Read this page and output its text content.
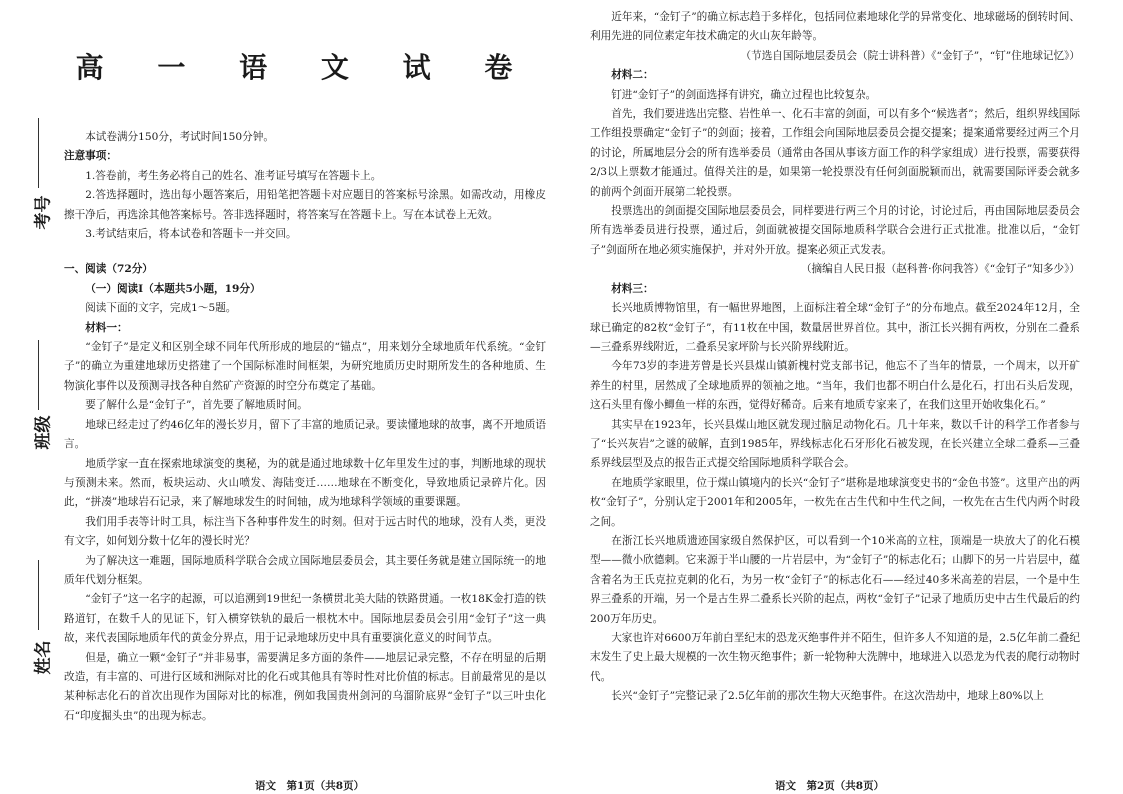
考号
班级
姓名
高 一 语 文 试 卷

本试卷满分150分，考试时间150分钟。

注意事项：

1.答卷前，考生务必将自己的姓名、准考证号填写在答题卡上。

2.答选择题时，选出每小题答案后，用铅笔把答题卡对应题目的答案标号涂黑。如需改动，用橡皮擦干净后，再选涂其他答案标号。答非选择题时，将答案写在答题卡上。写在本试卷上无效。

3.考试结束后，将本试卷和答题卡一并交回。

一、阅读（72分）

（一）阅读Ⅰ（本题共5小题，19分）

阅读下面的文字，完成1～5题。

材料一：

“金钉子”是定义和区别全球不同年代所形成的地层的“锚点”，用来划分全球地质年代系统。“金钉子”的确立为重建地球历史搭建了一个国际标准时间框架，为研究地质历史时期所发生的各种地质、生物演化事件以及预测寻找各种自然矿产资源的时空分布奠定了基础。

要了解什么是“金钉子”，首先要了解地质时间。

地球已经走过了约46亿年的漫长岁月，留下了丰富的地质记录。要读懂地球的故事，离不开地质语言。

地质学家一直在探索地球演变的奥秘，为的就是通过地球数十亿年里发生过的事，判断地球的现状与预测未来。然而，板块运动、火山喷发、海陆变迁……地球在不断变化，导致地质记录碎片化。因此，“拼凑”地球岩石记录，来了解地球发生的时间轴，成为地球科学领域的重要课题。

我们用手表等计时工具，标注当下各种事件发生的时刻。但对于远古时代的地球，没有人类，更没有文字，如何划分数十亿年的漫长时光？

为了解决这一难题，国际地质科学联合会成立国际地层委员会，其主要任务就是建立国际统一的地质年代划分框架。

“金钉子”这一名字的起源，可以追溯到19世纪一条横贯北美大陆的铁路贯通。一枚18K金打造的铁路道钉，在数千人的见证下，钉入横穿铁轨的最后一根枕木中。国际地层委员会引用“金钉子”这一典故，来代表国际地质年代的黄金分界点，用于记录地球历史中具有重要演化意义的时间节点。

但是，确立一颗“金钉子”并非易事，需要满足多方面的条件——地层记录完整，不存在明显的后期改造，有丰富的、可进行区域和洲际对比的化石或其他具有等时性对比价值的标志。目前最常见的是以某种标志化石的首次出现作为国际对比的标准，例如我国贵州剑河的乌溜阶底界“金钉子”以三叶虫化石“印度掘头虫”的出现为标志。

近年来，“金钉子”的确立标志趋于多样化，包括同位素地球化学的异常变化、地球磁场的倒转时间、利用先进的同位素定年技术确定的火山灰年龄等。

（节选自国际地层委员会（院士讲科普）《“金钉子”，“钉”住地球记忆》）

材料二：

钉进“金钉子”的剑面选择有讲究，确立过程也比较复杂。

首先，我们要进选出完整、岩性单一、化石丰富的剑面，可以有多个“候选者”；然后，组织界线国际工作组投票确定“金钉子”的剑面；接着，工作组会向国际地层委员会提交提案；提案通常要经过两三个月的讨论，所属地层分会的所有选举委员（通常由各国从事该方面工作的科学家组成）进行投票，需要获得2/3以上票数才能通过。值得关注的是，如果第一轮投票没有任何剑面脱颖而出，就需要国际评委会就多的前两个剑面开展第二轮投票。

投票选出的剑面提交国际地层委员会，同样要进行两三个月的讨论，讨论过后，再由国际地层委员会所有选举委员进行投票，通过后，剑面就被提交国际地质科学联合会进行正式批准。批准以后，“金钉子”剑面所在地必须实施保护，并对外开放。提案必须正式发表。

（摘编自人民日报（赵科普·你问我答）《“金钉子”知多少》）

材料三：

长兴地质博物馆里，有一幅世界地图，上面标注着全球“金钉子”的分布地点。截至2024年12月，全球已确定的82枚“金钉子”，有11枚在中国，数量居世界首位。其中，浙江长兴拥有两枚，分别在二叠系—三叠系界线附近，二叠系吴家坪阶与长兴阶界线附近。

今年73岁的李进芳曾是长兴县煤山镇新槐村党支部书记，他忘不了当年的情景，一个周末，以开矿养生的村里，居然成了全球地质界的领袖之地。“当年，我们也都不明白什么是化石，打出石头后发现，这石头里有像小鲫鱼一样的东西，觉得好稀奇。后来有地质专家来了，在我们这里开始收集化石。”

其实早在1923年，长兴县煤山地区就发现过脑足动物化石。几十年来，数以千计的科学工作者参与了“长兴灰岩”之谜的破解，直到1985年，界线标志化石牙形化石被发现，在长兴建立全球二叠系—三叠系界线层型及点的报告正式提交给国际地质科学联合会。

在地质学家眼里，位于煤山镇境内的长兴“金钉子”堪称是地球演变史书的“金色书签”。这里产出的两枚“金钉子”，分别认定于2001年和2005年，一枚先在古生代和中生代之间，一枚先在古生代内两个时段之间。

在浙江长兴地质遗迹国家级自然保护区，可以看到一个10米高的立柱，顶端是一块放大了的化石模型——微小欣德刺。它来源于半山腰的一片岩层中，为“金钉子”的标志化石；山脚下的另一片岩层中，蕴含着名为王氏克拉克刺的化石，为另一枚“金钉子”的标志化石——经过40多米高差的岩层，一个是中生界三叠系的开端，另一个是古生界二叠系长兴阶的起点，两枚“金钉子”记录了地质历史中古生代最后的约200万年历史。

大家也许对6600万年前白垩纪末的恐龙灭绝事件并不陌生，但许多人不知道的是，2.5亿年前二叠纪末发生了史上最大规模的一次生物灭绝事件；新一轮物种大洗牌中，地球进入以恐龙为代表的爬行动物时代。

长兴“金钉子”完整记录了2.5亿年前的那次生物大灭绝事件。在这次浩劫中，地球上80%以上

语文　第1页（共8页）	语文　第2页（共8页）
